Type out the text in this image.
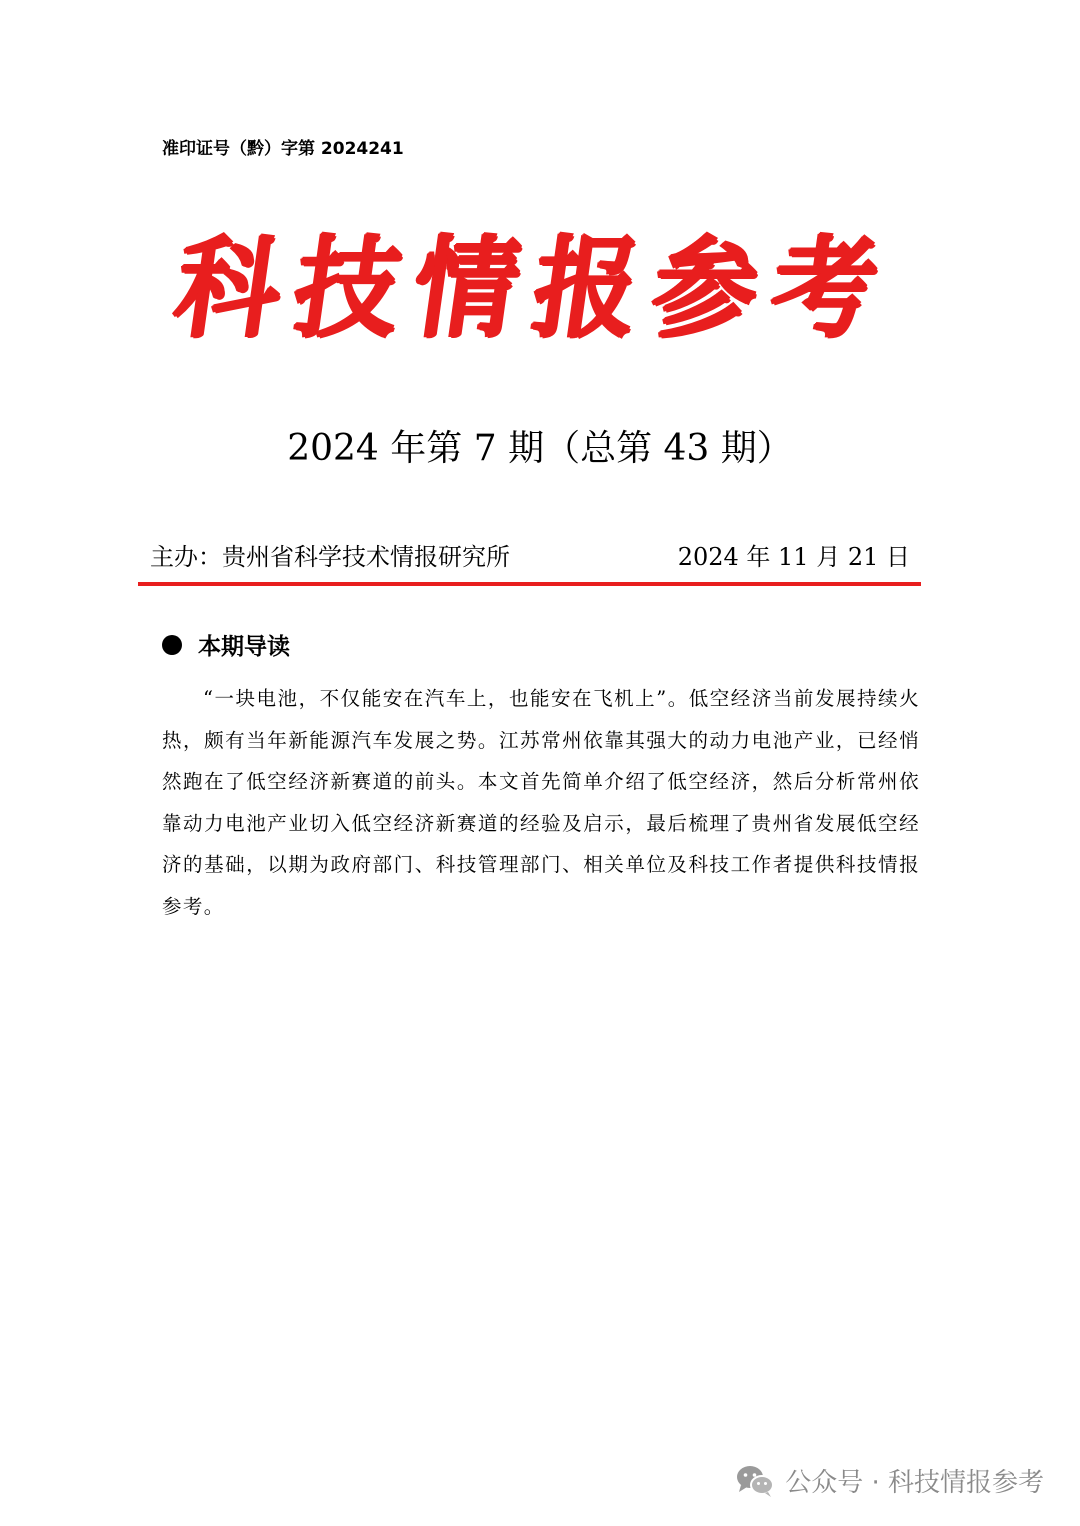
准印证号（黔）字第 2024241
科
技
情
报
参
考
2024 年第 7 期（总第 43 期）
主办：贵州省科学技术情报研究所	2024 年 11 月 21 日
本期导读
“一块电池，不仅能安在汽车上，也能安在飞机上”。低空经济当前发展持续火热，颇有当年新能源汽车发展之势。江苏常州依靠其强大的动力电池产业，已经悄然跑在了低空经济新赛道的前头。本文首先简单介绍了低空经济，然后分析常州依靠动力电池产业切入低空经济新赛道的经验及启示，最后梳理了贵州省发展低空经济的基础，以期为政府部门、科技管理部门、相关单位及科技工作者提供科技情报参考。
公众号 · 科技情报参考
